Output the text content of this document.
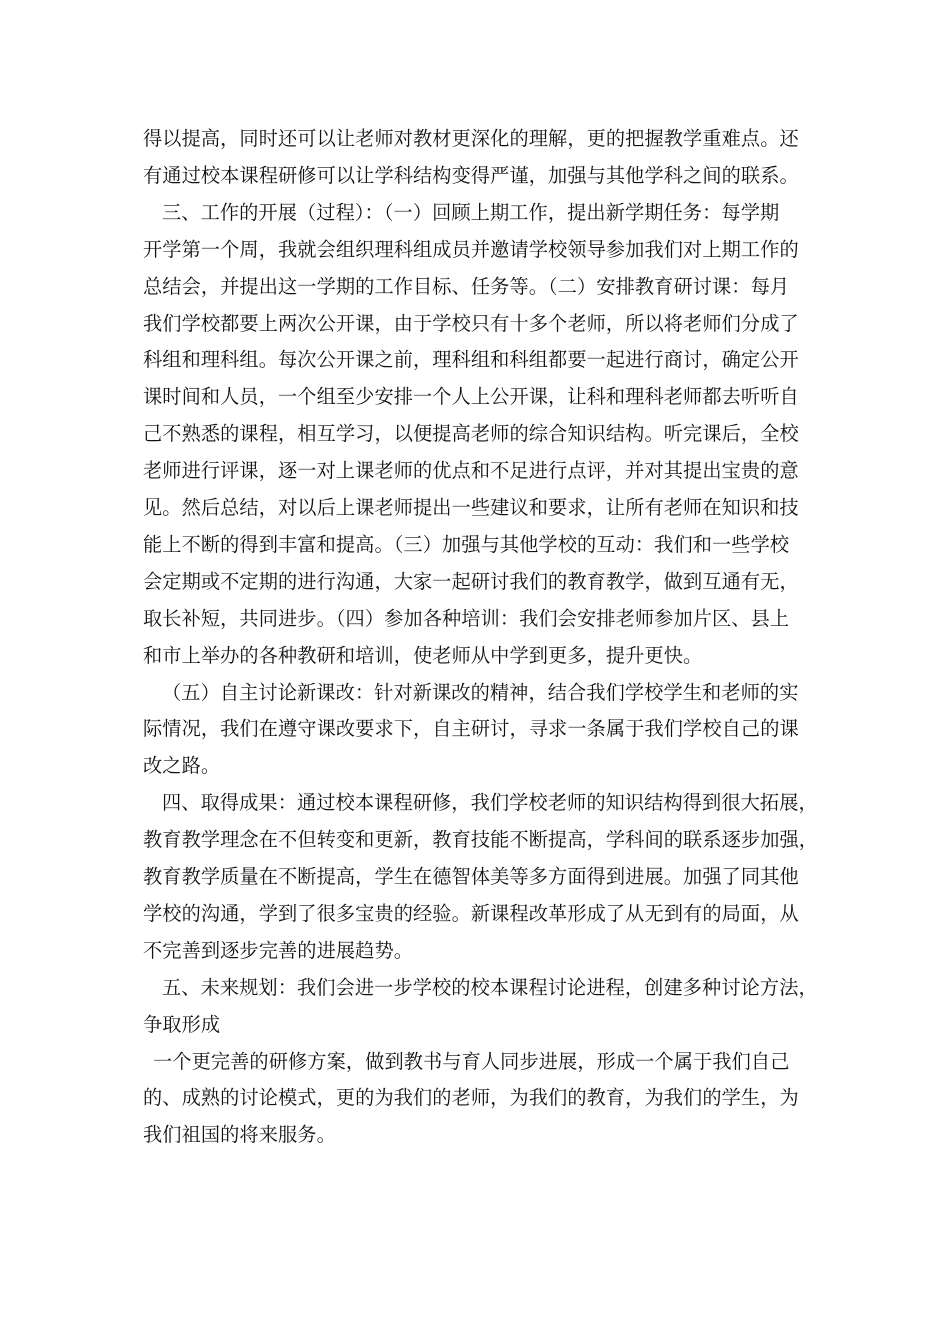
得以提高，同时还可以让老师对教材更深化的理解，更的把握教学重难点。还
有通过校本课程研修可以让学科结构变得严谨，加强与其他学科之间的联系。
三、工作的开展（过程）：（一）回顾上期工作，提出新学期任务：每学期
开学第一个周，我就会组织理科组成员并邀请学校领导参加我们对上期工作的
总结会，并提出这一学期的工作目标、任务等。（二）安排教育研讨课：每月
我们学校都要上两次公开课，由于学校只有十多个老师，所以将老师们分成了
科组和理科组。每次公开课之前，理科组和科组都要一起进行商讨，确定公开
课时间和人员，一个组至少安排一个人上公开课，让科和理科老师都去听听自
己不熟悉的课程，相互学习，以便提高老师的综合知识结构。听完课后，全校
老师进行评课，逐一对上课老师的优点和不足进行点评，并对其提出宝贵的意
见。然后总结，对以后上课老师提出一些建议和要求，让所有老师在知识和技
能上不断的得到丰富和提高。（三）加强与其他学校的互动：我们和一些学校
会定期或不定期的进行沟通，大家一起研讨我们的教育教学，做到互通有无，
取长补短，共同进步。（四）参加各种培训：我们会安排老师参加片区、县上
和市上举办的各种教研和培训，使老师从中学到更多，提升更快。
（五）自主讨论新课改：针对新课改的精神，结合我们学校学生和老师的实
际情况，我们在遵守课改要求下，自主研讨，寻求一条属于我们学校自己的课
改之路。
四、取得成果：通过校本课程研修，我们学校老师的知识结构得到很大拓展，
教育教学理念在不但转变和更新，教育技能不断提高，学科间的联系逐步加强，
教育教学质量在不断提高，学生在德智体美等多方面得到进展。加强了同其他
学校的沟通，学到了很多宝贵的经验。新课程改革形成了从无到有的局面，从
不完善到逐步完善的进展趋势。
五、未来规划：我们会进一步学校的校本课程讨论进程，创建多种讨论方法，
争取形成
一个更完善的研修方案，做到教书与育人同步进展，形成一个属于我们自己
的、成熟的讨论模式，更的为我们的老师，为我们的教育，为我们的学生，为
我们祖国的将来服务。
